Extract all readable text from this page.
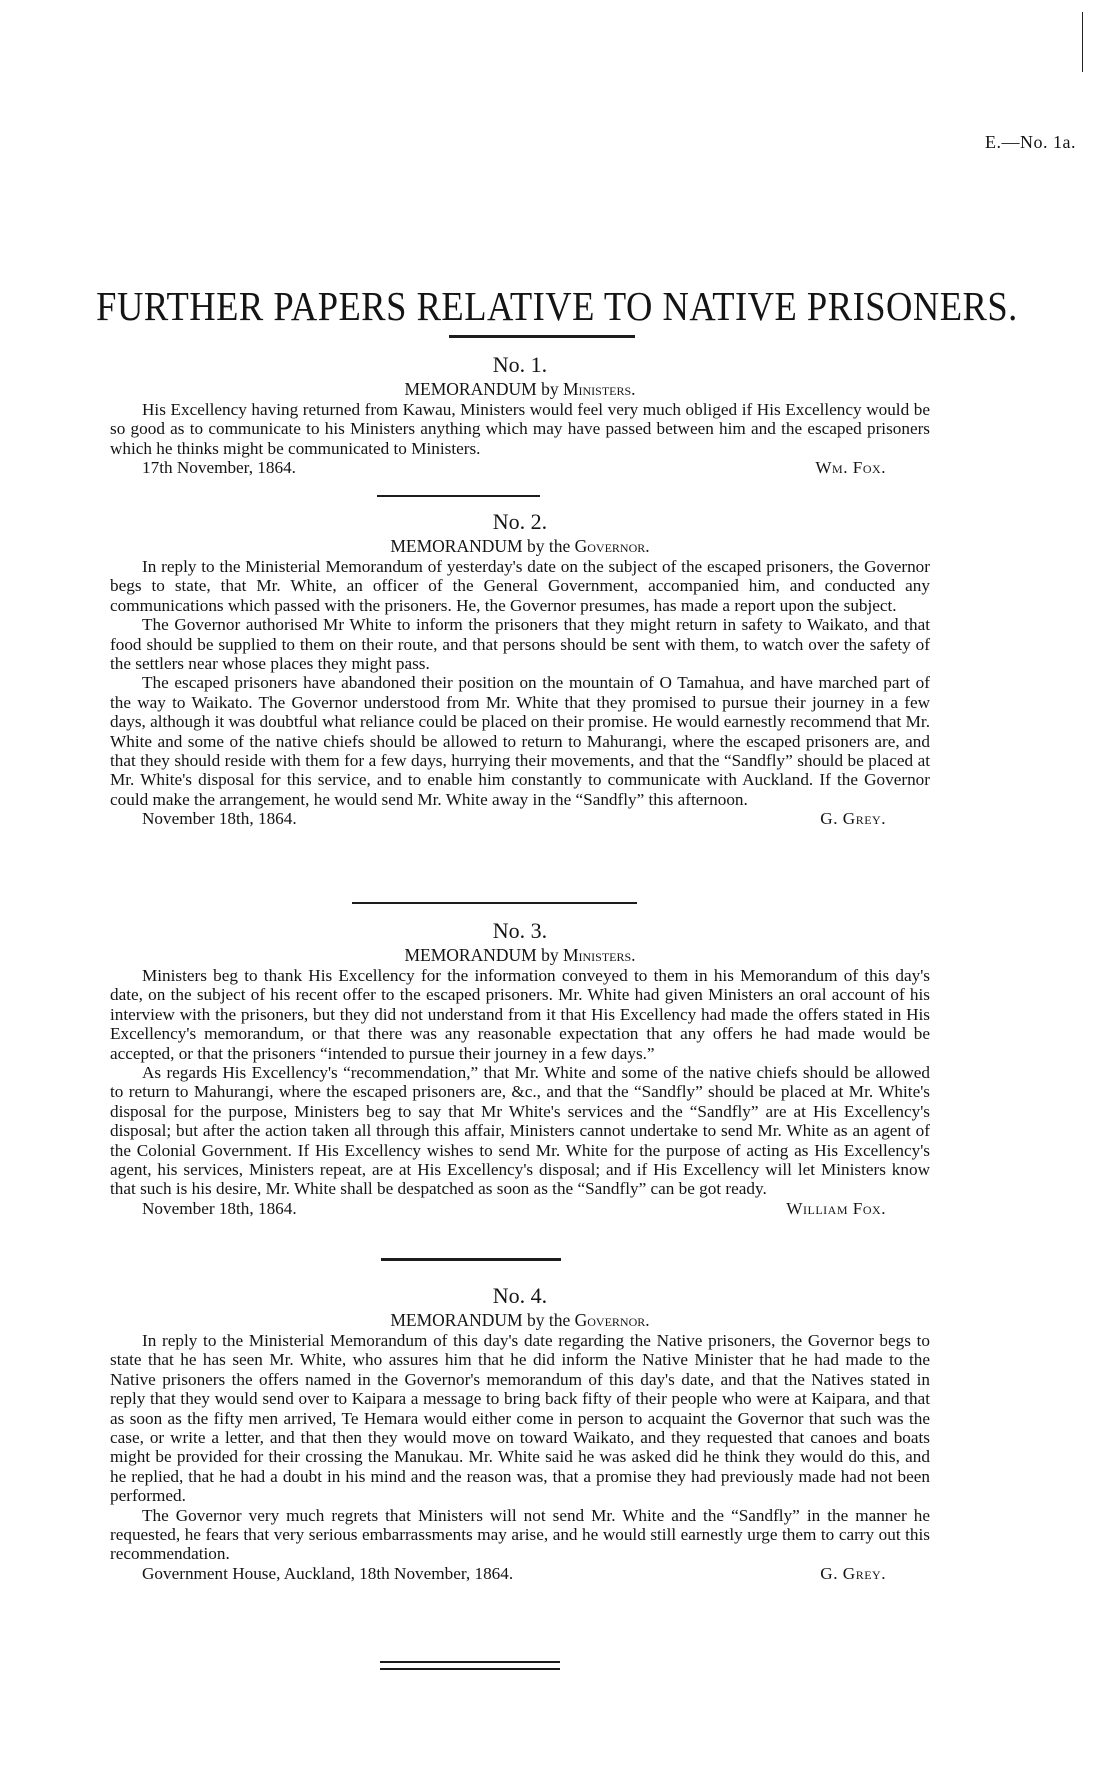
E.—No. 1a.
FURTHER PAPERS RELATIVE TO NATIVE PRISONERS.
No. 1.
MEMORANDUM by Ministers.

His Excellency having returned from Kawau, Ministers would feel very much obliged if His Excellency would be so good as to communicate to his Ministers anything which may have passed between him and the escaped prisoners which he thinks might be communicated to Ministers.

17th November, 1864.	Wm. Fox.
No. 2.
MEMORANDUM by the Governor.

In reply to the Ministerial Memorandum of yesterday's date on the subject of the escaped prisoners, the Governor begs to state, that Mr. White, an officer of the General Government, accompanied him, and conducted any communications which passed with the prisoners. He, the Governor presumes, has made a report upon the subject.

The Governor authorised Mr White to inform the prisoners that they might return in safety to Waikato, and that food should be supplied to them on their route, and that persons should be sent with them, to watch over the safety of the settlers near whose places they might pass.

The escaped prisoners have abandoned their position on the mountain of O Tamahua, and have marched part of the way to Waikato. The Governor understood from Mr. White that they promised to pursue their journey in a few days, although it was doubtful what reliance could be placed on their promise. He would earnestly recommend that Mr. White and some of the native chiefs should be allowed to return to Mahurangi, where the escaped prisoners are, and that they should reside with them for a few days, hurrying their movements, and that the “Sandfly” should be placed at Mr. White's disposal for this service, and to enable him constantly to communicate with Auckland. If the Governor could make the arrangement, he would send Mr. White away in the “Sandfly” this afternoon.

November 18th, 1864.	G. Grey.
No. 3.
MEMORANDUM by Ministers.

Ministers beg to thank His Excellency for the information conveyed to them in his Memorandum of this day's date, on the subject of his recent offer to the escaped prisoners. Mr. White had given Ministers an oral account of his interview with the prisoners, but they did not understand from it that His Excellency had made the offers stated in His Excellency's memorandum, or that there was any reasonable expectation that any offers he had made would be accepted, or that the prisoners “intended to pursue their journey in a few days.”

As regards His Excellency's “recommendation,” that Mr. White and some of the native chiefs should be allowed to return to Mahurangi, where the escaped prisoners are, &c., and that the “Sandfly” should be placed at Mr. White's disposal for the purpose, Ministers beg to say that Mr White's services and the “Sandfly” are at His Excellency's disposal; but after the action taken all through this affair, Ministers cannot undertake to send Mr. White as an agent of the Colonial Government. If His Excellency wishes to send Mr. White for the purpose of acting as His Excellency's agent, his services, Ministers repeat, are at His Excellency's disposal; and if His Excellency will let Ministers know that such is his desire, Mr. White shall be despatched as soon as the “Sandfly” can be got ready.

November 18th, 1864.	William Fox.
No. 4.
MEMORANDUM by the Governor.

In reply to the Ministerial Memorandum of this day's date regarding the Native prisoners, the Governor begs to state that he has seen Mr. White, who assures him that he did inform the Native Minister that he had made to the Native prisoners the offers named in the Governor's memorandum of this day's date, and that the Natives stated in reply that they would send over to Kaipara a message to bring back fifty of their people who were at Kaipara, and that as soon as the fifty men arrived, Te Hemara would either come in person to acquaint the Governor that such was the case, or write a letter, and that then they would move on toward Waikato, and they requested that canoes and boats might be provided for their crossing the Manukau. Mr. White said he was asked did he think they would do this, and he replied, that he had a doubt in his mind and the reason was, that a promise they had previously made had not been performed.

The Governor very much regrets that Ministers will not send Mr. White and the “Sandfly” in the manner he requested, he fears that very serious embarrassments may arise, and he would still earnestly urge them to carry out this recommendation.

Government House, Auckland, 18th November, 1864.	G. Grey.
